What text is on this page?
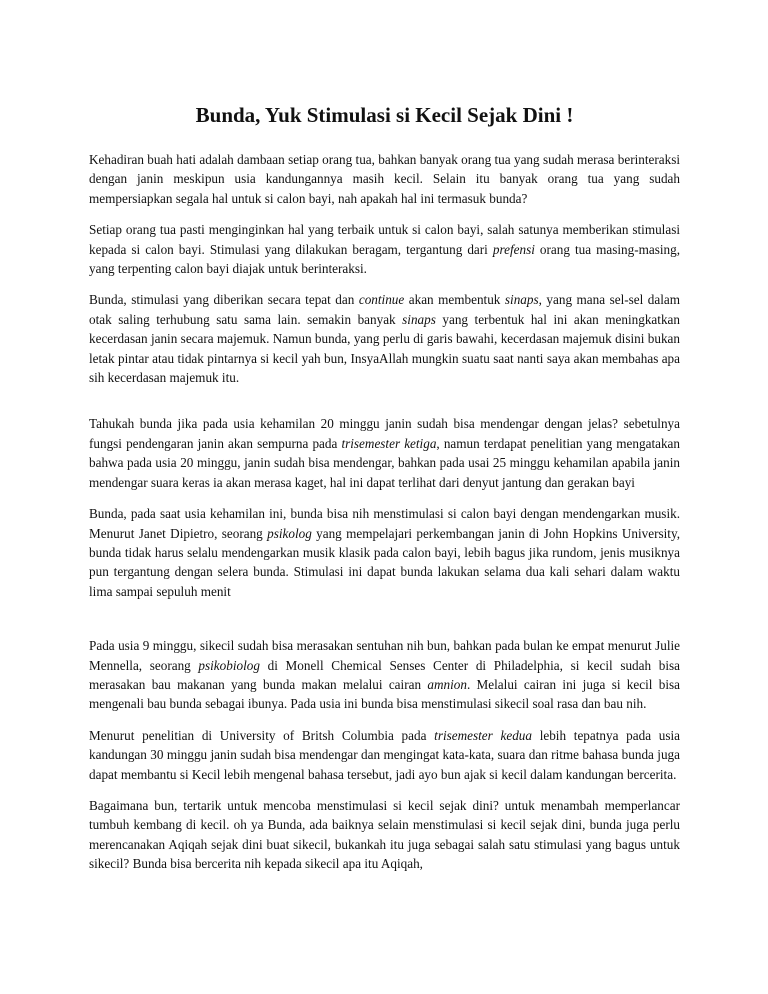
Bunda, Yuk Stimulasi si Kecil Sejak Dini !

Kehadiran buah hati adalah dambaan setiap orang tua, bahkan banyak orang tua yang sudah merasa berinteraksi dengan janin meskipun usia kandungannya masih kecil. Selain itu banyak orang tua yang sudah mempersiapkan segala hal untuk si calon bayi, nah apakah hal ini termasuk bunda?

Setiap orang tua pasti menginginkan hal yang terbaik untuk si calon bayi, salah satunya memberikan stimulasi kepada si calon bayi. Stimulasi yang dilakukan beragam, tergantung dari prefensi orang tua masing-masing, yang terpenting calon bayi diajak untuk berinteraksi.

Bunda, stimulasi yang diberikan secara tepat dan continue akan membentuk sinaps, yang mana sel-sel dalam otak saling terhubung satu sama lain. semakin banyak sinaps yang terbentuk hal ini akan meningkatkan kecerdasan janin secara majemuk. Namun bunda, yang perlu di garis bawahi, kecerdasan majemuk disini bukan letak pintar atau tidak pintarnya si kecil yah bun, InsyaAllah mungkin suatu saat nanti saya akan membahas apa sih kecerdasan majemuk itu.

Tahukah bunda jika pada usia kehamilan 20 minggu janin sudah bisa mendengar dengan jelas? sebetulnya fungsi pendengaran janin akan sempurna pada trisemester ketiga, namun terdapat penelitian yang mengatakan bahwa pada usia 20 minggu, janin sudah bisa mendengar, bahkan pada usai 25 minggu kehamilan apabila janin mendengar suara keras ia akan merasa kaget, hal ini dapat terlihat dari denyut jantung dan gerakan bayi

Bunda, pada saat usia kehamilan ini, bunda bisa nih menstimulasi si calon bayi dengan mendengarkan musik. Menurut Janet Dipietro, seorang psikolog yang mempelajari perkembangan janin di John Hopkins University, bunda tidak harus selalu mendengarkan musik klasik pada calon bayi, lebih bagus jika rundom, jenis musiknya pun tergantung dengan selera bunda. Stimulasi ini dapat bunda lakukan selama dua kali sehari dalam waktu lima sampai sepuluh menit

Pada usia 9 minggu, sikecil sudah bisa merasakan sentuhan nih bun, bahkan pada bulan ke empat menurut Julie Mennella, seorang psikobiolog di Monell Chemical Senses Center di Philadelphia, si kecil sudah bisa merasakan bau makanan yang bunda makan melalui cairan amnion. Melalui cairan ini juga si kecil bisa mengenali bau bunda sebagai ibunya. Pada usia ini bunda bisa menstimulasi sikecil soal rasa dan bau nih.

Menurut penelitian di University of Britsh Columbia pada trisemester kedua lebih tepatnya pada usia kandungan 30 minggu janin sudah bisa mendengar dan mengingat kata-kata, suara dan ritme bahasa bunda juga dapat membantu si Kecil lebih mengenal bahasa tersebut, jadi ayo bun ajak si kecil dalam kandungan bercerita.

Bagaimana bun, tertarik untuk mencoba menstimulasi si kecil sejak dini? untuk menambah memperlancar tumbuh kembang di kecil. oh ya Bunda, ada baiknya selain menstimulasi si kecil sejak dini, bunda juga perlu merencanakan Aqiqah sejak dini buat sikecil, bukankah itu juga sebagai salah satu stimulasi yang bagus untuk sikecil? Bunda bisa bercerita nih kepada sikecil apa itu Aqiqah,
